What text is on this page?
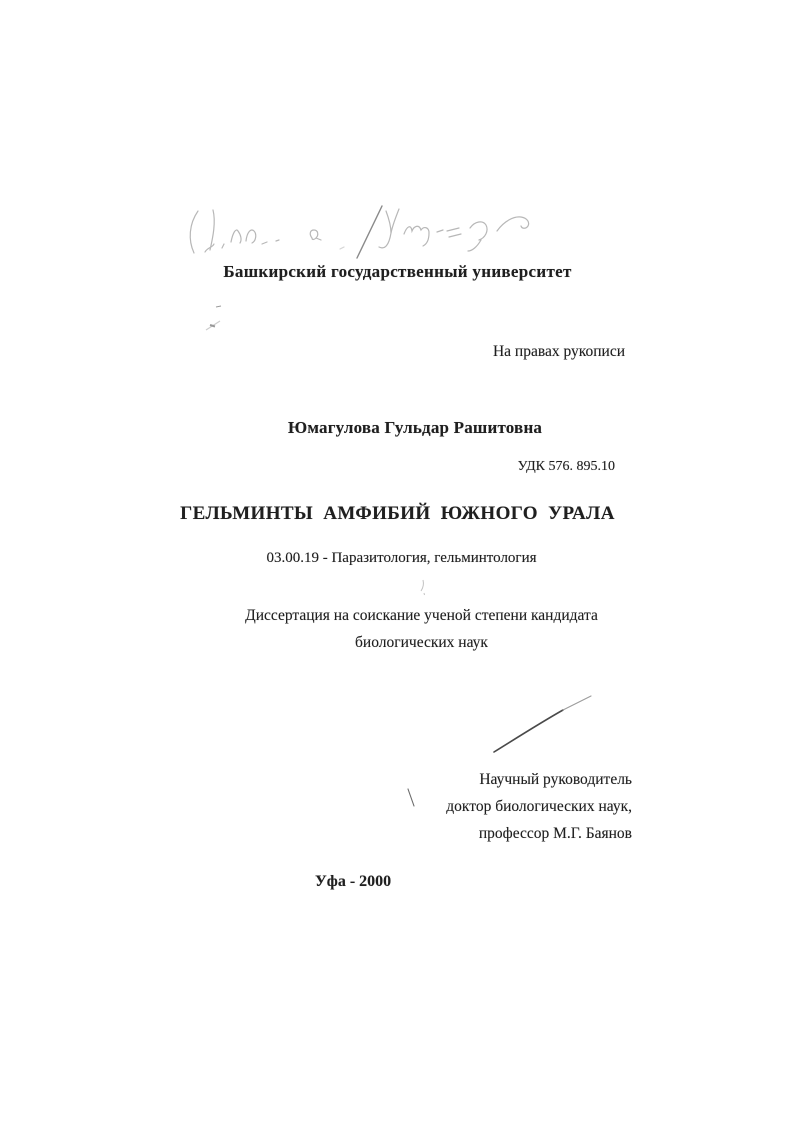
Башкирский государственный университет
На правах рукописи
Юмагулова Гульдар Рашитовна
УДК 576. 895.10
ГЕЛЬМИНТЫ АМФИБИЙ ЮЖНОГО УРАЛА
03.00.19 - Паразитология, гельминтология
Диссертация на соискание ученой степени кандидата
биологических наук
Научный руководитель
доктор биологических наук,
профессор М.Г. Баянов
Уфа - 2000
